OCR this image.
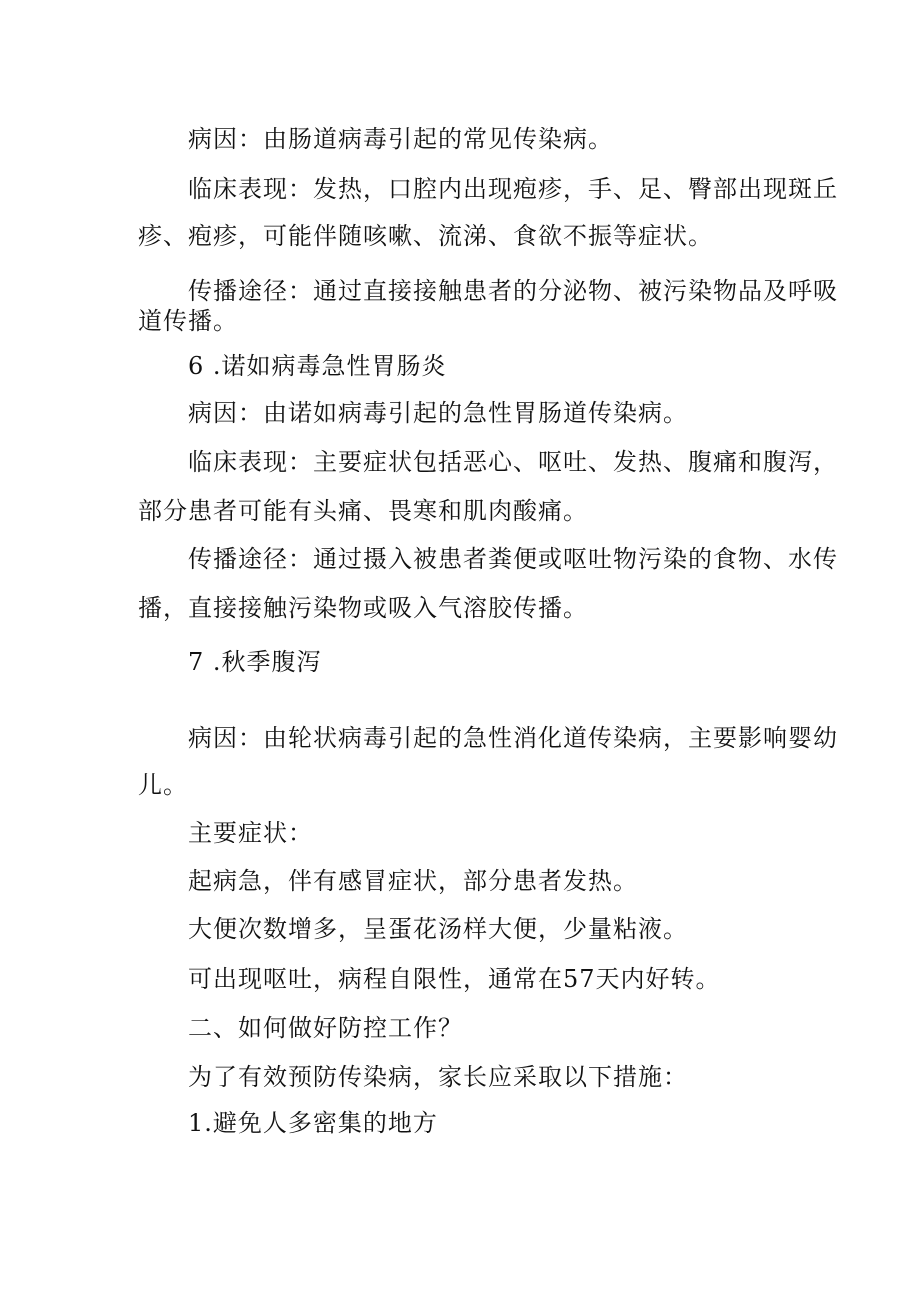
病因：由肠道病毒引起的常见传染病。
临床表现：发热，口腔内出现疱疹，手、足、臀部出现斑丘
疹、疱疹，可能伴随咳嗽、流涕、食欲不振等症状。
传播途径：通过直接接触患者的分泌物、被污染物品及呼吸
道传播。
6 .诺如病毒急性胃肠炎
病因：由诺如病毒引起的急性胃肠道传染病。
临床表现：主要症状包括恶心、呕吐、发热、腹痛和腹泻，
部分患者可能有头痛、畏寒和肌肉酸痛。
传播途径：通过摄入被患者粪便或呕吐物污染的食物、水传
播，直接接触污染物或吸入气溶胶传播。
7 .秋季腹泻
病因：由轮状病毒引起的急性消化道传染病，主要影响婴幼
儿。
主要症状：
起病急，伴有感冒症状，部分患者发热。
大便次数增多，呈蛋花汤样大便，少量粘液。
可出现呕吐，病程自限性，通常在57天内好转。
二、如何做好防控工作？
为了有效预防传染病，家长应采取以下措施：
1.避免人多密集的地方
